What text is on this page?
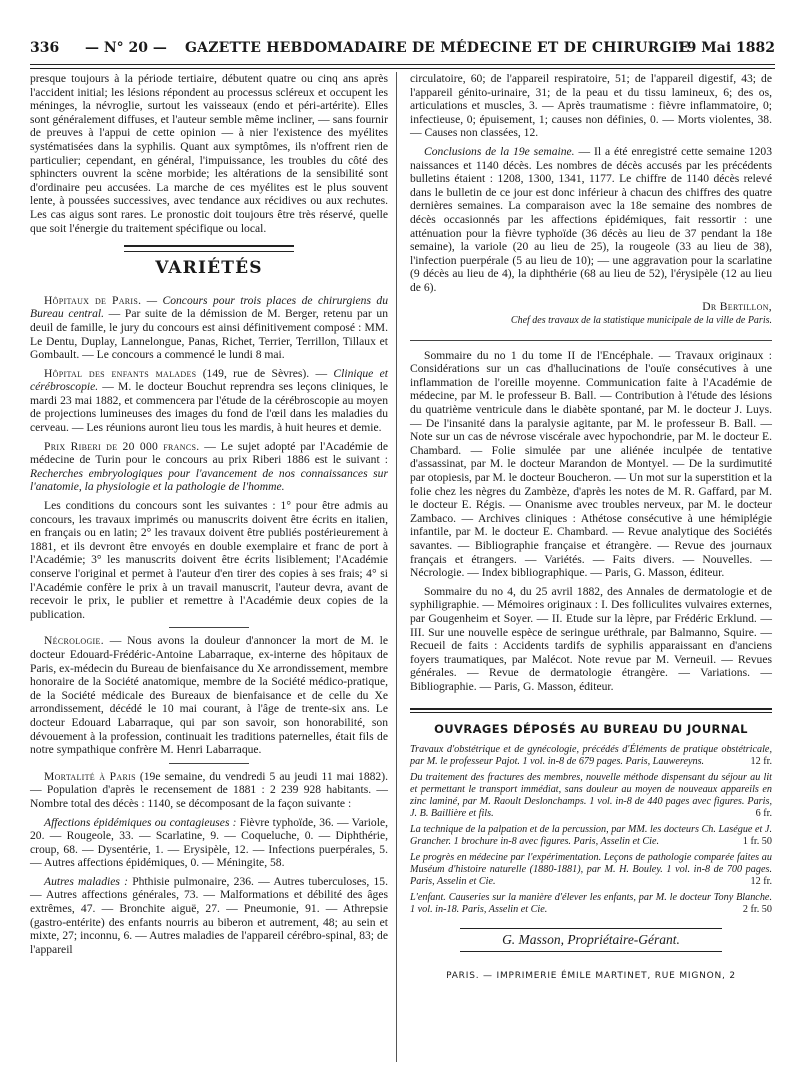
336 — N° 20 — GAZETTE HEBDOMADAIRE DE MÉDECINE ET DE CHIRURGIE
19 Mai 1882

presque toujours à la période tertiaire, débutent quatre ou cinq ans après l'accident initial; les lésions répondent au processus scléreux et occupent les méninges, la névroglie, surtout les vaisseaux (endo et péri-artérite). Elles sont généralement diffuses, et l'auteur semble même incliner, — sans fournir de preuves à l'appui de cette opinion — à nier l'existence des myélites systématisées dans la syphilis. Quant aux symptômes, ils n'offrent rien de particulier; cependant, en général, l'impuissance, les troubles du côté des sphincters ouvrent la scène morbide; les altérations de la sensibilité sont d'ordinaire peu accusées. La marche de ces myélites est le plus souvent lente, à poussées successives, avec tendance aux récidives ou aux rechutes. Les cas aigus sont rares. Le pronostic doit toujours être très réservé, quelle que soit l'énergie du traitement spécifique ou local.

VARIÉTÉS

Hôpitaux de Paris. — Concours pour trois places de chirurgiens du Bureau central. — Par suite de la démission de M. Berger, retenu par un deuil de famille, le jury du concours est ainsi définitivement composé : MM. Le Dentu, Duplay, Lannelongue, Panas, Richet, Terrier, Terrillon, Tillaux et Gombault. — Le concours a commencé le lundi 8 mai.

Hôpital des enfants malades (149, rue de Sèvres). — Clinique et cérébroscopie. — M. le docteur Bouchut reprendra ses leçons cliniques, le mardi 23 mai 1882, et commencera par l'étude de la cérébroscopie au moyen de projections lumineuses des images du fond de l'œil dans les maladies du cerveau. — Les réunions auront lieu tous les mardis, à huit heures et demie.

Prix Riberi de 20 000 francs. — Le sujet adopté par l'Académie de médecine de Turin pour le concours au prix Riberi 1886 est le suivant : Recherches embryologiques pour l'avancement de nos connaissances sur l'anatomie, la physiologie et la pathologie de l'homme.

Les conditions du concours sont les suivantes : 1° pour être admis au concours, les travaux imprimés ou manuscrits doivent être écrits en italien, en français ou en latin; 2° les travaux doivent être publiés postérieurement à 1881, et ils devront être envoyés en double exemplaire et franc de port à l'Académie; 3° les manuscrits doivent être écrits lisiblement; l'Académie conserve l'original et permet à l'auteur d'en tirer des copies à ses frais; 4° si l'Académie confère le prix à un travail manuscrit, l'auteur devra, avant de recevoir le prix, le publier et remettre à l'Académie deux copies de la publication.

Nécrologie. — Nous avons la douleur d'annoncer la mort de M. le docteur Edouard-Frédéric-Antoine Labarraque, ex-interne des hôpitaux de Paris, ex-médecin du Bureau de bienfaisance du Xe arrondissement, membre honoraire de la Société anatomique, membre de la Société médico-pratique, de la Société médicale des Bureaux de bienfaisance et de celle du Xe arrondissement, décédé le 10 mai courant, à l'âge de trente-six ans. Le docteur Edouard Labarraque, qui par son savoir, son honorabilité, son dévouement à la profession, continuait les traditions paternelles, était fils de notre sympathique confrère M. Henri Labarraque.

Mortalité à Paris (19e semaine, du vendredi 5 au jeudi 11 mai 1882). — Population d'après le recensement de 1881 : 2 239 928 habitants. — Nombre total des décès : 1140, se décomposant de la façon suivante :

Affections épidémiques ou contagieuses : Fièvre typhoïde, 36. — Variole, 20. — Rougeole, 33. — Scarlatine, 9. — Coqueluche, 0. — Diphthérie, croup, 68. — Dysentérie, 1. — Erysipèle, 12. — Infections puerpérales, 5. — Autres affections épidémiques, 0. — Méningite, 58.

Autres maladies : Phthisie pulmonaire, 236. — Autres tuberculoses, 15. — Autres affections générales, 73. — Malformations et débilité des âges extrêmes, 47. — Bronchite aiguë, 27. — Pneumonie, 91. — Athrepsie (gastro-entérite) des enfants nourris au biberon et autrement, 48; au sein et mixte, 27; inconnu, 6. — Autres maladies de l'appareil cérébro-spinal, 83; de l'appareil

circulatoire, 60; de l'appareil respiratoire, 51; de l'appareil digestif, 43; de l'appareil génito-urinaire, 31; de la peau et du tissu lamineux, 6; des os, articulations et muscles, 3. — Après traumatisme : fièvre inflammatoire, 0; infectieuse, 0; épuisement, 1; causes non définies, 0. — Morts violentes, 38. — Causes non classées, 12.

Conclusions de la 19e semaine. — Il a été enregistré cette semaine 1203 naissances et 1140 décès. Les nombres de décès accusés par les précédents bulletins étaient : 1208, 1300, 1341, 1177. Le chiffre de 1140 décès relevé dans le bulletin de ce jour est donc inférieur à chacun des chiffres des quatre dernières semaines. La comparaison avec la 18e semaine des nombres de décès occasionnés par les affections épidémiques, fait ressortir : une atténuation pour la fièvre typhoïde (36 décès au lieu de 37 pendant la 18e semaine), la variole (20 au lieu de 25), la rougeole (33 au lieu de 38), l'infection puerpérale (5 au lieu de 10); — une aggravation pour la scarlatine (9 décès au lieu de 4), la diphthérie (68 au lieu de 52), l'érysipèle (12 au lieu de 6).

Dr Bertillon,

Chef des travaux de la statistique municipale de la ville de Paris.

Sommaire du no 1 du tome II de l'Encéphale. — Travaux originaux : Considérations sur un cas d'hallucinations de l'ouïe consécutives à une inflammation de l'oreille moyenne. Communication faite à l'Académie de médecine, par M. le professeur B. Ball. — Contribution à l'étude des lésions du quatrième ventricule dans le diabète spontané, par M. le docteur J. Luys. — De l'insanité dans la paralysie agitante, par M. le professeur B. Ball. — Note sur un cas de névrose viscérale avec hypochondrie, par M. le docteur E. Chambard. — Folie simulée par une aliénée inculpée de tentative d'assassinat, par M. le docteur Marandon de Montyel. — De la surdimutité par otopiesis, par M. le docteur Boucheron. — Un mot sur la superstition et la folie chez les nègres du Zambèze, d'après les notes de M. R. Gaffard, par M. le docteur E. Régis. — Onanisme avec troubles nerveux, par M. le docteur Zambaco. — Archives cliniques : Athétose consécutive à une hémiplégie infantile, par M. le docteur E. Chambard. — Revue analytique des Sociétés savantes. — Bibliographie française et étrangère. — Revue des journaux français et étrangers. — Variétés. — Faits divers. — Nouvelles. — Nécrologie. — Index bibliographique. — Paris, G. Masson, éditeur.

Sommaire du no 4, du 25 avril 1882, des Annales de dermatologie et de syphiligraphie. — Mémoires originaux : I. Des folliculites vulvaires externes, par Gougenheim et Soyer. — II. Etude sur la lèpre, par Frédéric Erklund. — III. Sur une nouvelle espèce de seringue uréthrale, par Balmanno, Squire. — Recueil de faits : Accidents tardifs de syphilis apparaissant en d'anciens foyers traumatiques, par Malécot. Note revue par M. Verneuil. — Revues générales. — Revue de dermatologie étrangère. — Variations. — Bibliographie. — Paris, G. Masson, éditeur.

OUVRAGES DÉPOSÉS AU BUREAU DU JOURNAL

Travaux d'obstétrique et de gynécologie, précédés d'Éléments de pratique obstétricale, par M. le professeur Pajot. 1 vol. in-8 de 679 pages. Paris, Lauwereyns.	12 fr.

Du traitement des fractures des membres, nouvelle méthode dispensant du séjour au lit et permettant le transport immédiat, sans douleur au moyen de nouveaux appareils en zinc laminé, par M. Raoult Deslonchamps. 1 vol. in-8 de 440 pages avec figures. Paris, J. B. Baillière et fils.	6 fr.

La technique de la palpation et de la percussion, par MM. les docteurs Ch. Laségue et J. Grancher. 1 brochure in-8 avec figures. Paris, Asselin et Cie.	1 fr. 50

Le progrès en médecine par l'expérimentation. Leçons de pathologie comparée faites au Muséum d'histoire naturelle (1880-1881), par M. H. Bouley. 1 vol. in-8 de 700 pages. Paris, Asselin et Cie.	12 fr.

L'enfant. Causeries sur la manière d'élever les enfants, par M. le docteur Tony Blanche. 1 vol. in-18. Paris, Asselin et Cie.	2 fr. 50

G. Masson, Propriétaire-Gérant.

PARIS. — IMPRIMERIE ÉMILE MARTINET, RUE MIGNON, 2
